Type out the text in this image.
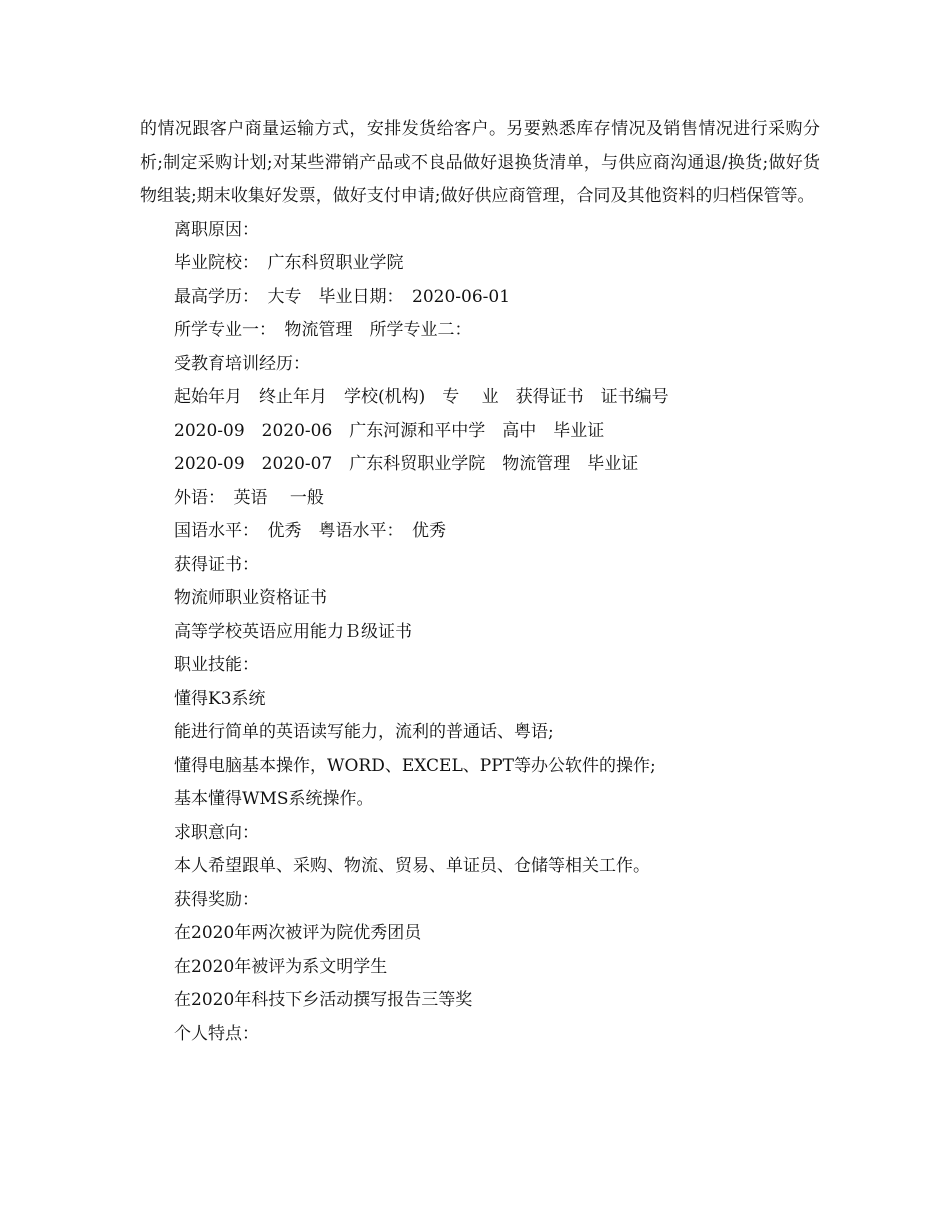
的情况跟客户商量运输方式，安排发货给客户。另要熟悉库存情况及销售情况进行采购分析;制定采购计划;对某些滞销产品或不良品做好退换货清单，与供应商沟通退/换货;做好货物组装;期末收集好发票，做好支付申请;做好供应商管理，合同及其他资料的归档保管等。

离职原因：

毕业院校：　广东科贸职业学院

最高学历：　大专　毕业日期：　2020-06-01

所学专业一：　物流管理　所学专业二：

受教育培训经历：

起始年月　终止年月　学校(机构)　专　 业　获得证书　证书编号

2020-09　2020-06　广东河源和平中学　高中　毕业证

2020-09　2020-07　广东科贸职业学院　物流管理　毕业证

外语：　英语　 一般

国语水平：　优秀　粤语水平：　优秀

获得证书：

物流师职业资格证书

高等学校英语应用能力Ｂ级证书

职业技能：

懂得K3系统

能进行简单的英语读写能力，流利的普通话、粤语;

懂得电脑基本操作，WORD、EXCEL、PPT等办公软件的操作;

基本懂得WMS系统操作。

求职意向：

本人希望跟单、采购、物流、贸易、单证员、仓储等相关工作。

获得奖励：

在2020年两次被评为院优秀团员

在2020年被评为系文明学生

在2020年科技下乡活动撰写报告三等奖

个人特点：
